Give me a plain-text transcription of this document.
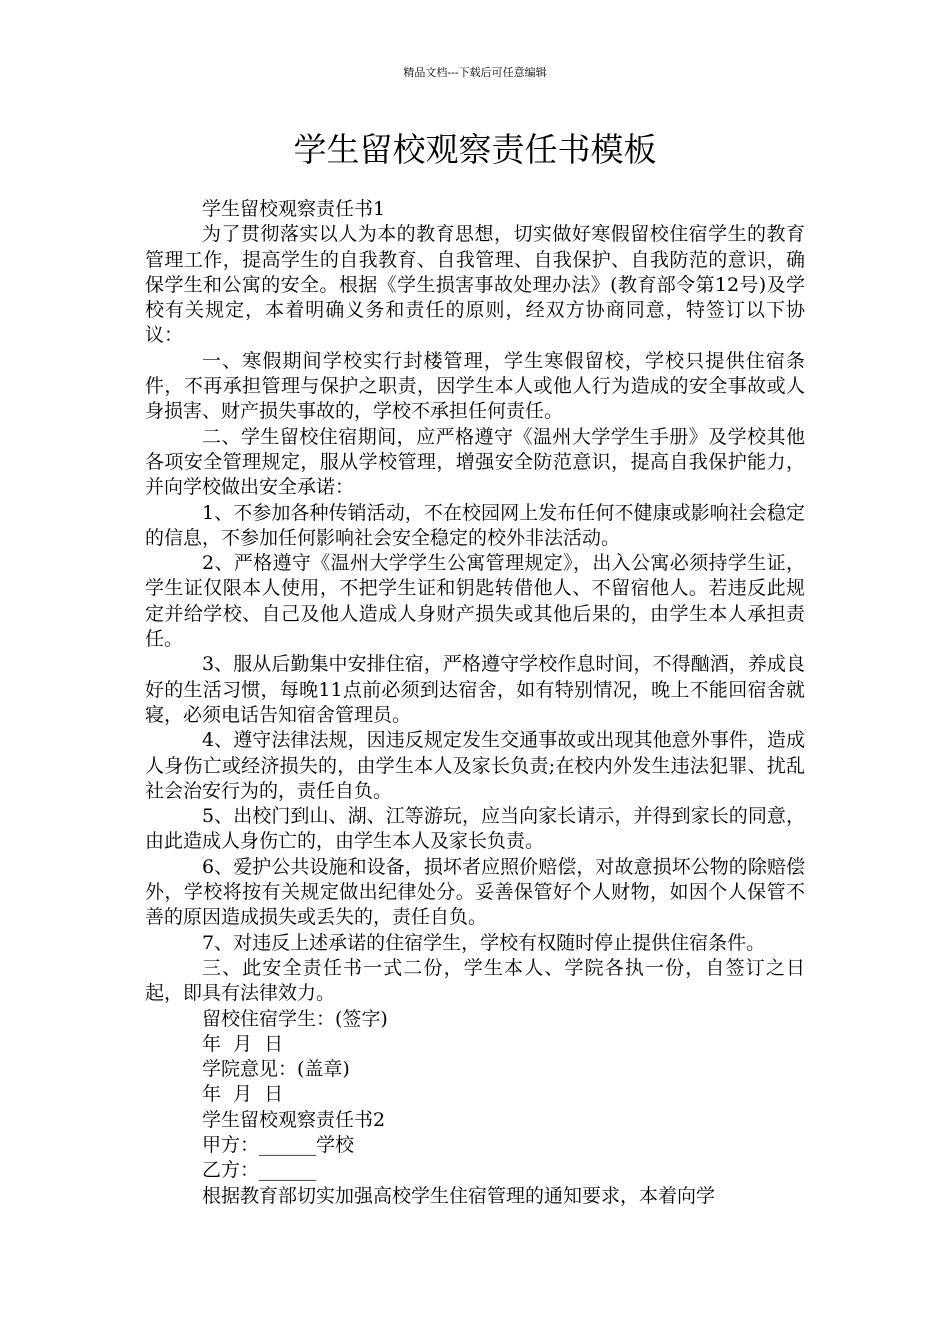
精品文档---下载后可任意编辑
学生留校观察责任书模板

学生留校观察责任书1

为了贯彻落实以人为本的教育思想，切实做好寒假留校住宿学生的教育管理工作，提高学生的自我教育、自我管理、自我保护、自我防范的意识，确保学生和公寓的安全。根据《学生损害事故处理办法》(教育部令第12号)及学校有关规定，本着明确义务和责任的原则，经双方协商同意，特签订以下协议：

一、寒假期间学校实行封楼管理，学生寒假留校，学校只提供住宿条件，不再承担管理与保护之职责，因学生本人或他人行为造成的安全事故或人身损害、财产损失事故的，学校不承担任何责任。

二、学生留校住宿期间，应严格遵守《温州大学学生手册》及学校其他各项安全管理规定，服从学校管理，增强安全防范意识，提高自我保护能力，并向学校做出安全承诺：

1、不参加各种传销活动，不在校园网上发布任何不健康或影响社会稳定的信息，不参加任何影响社会安全稳定的校外非法活动。

2、严格遵守《温州大学学生公寓管理规定》，出入公寓必须持学生证，学生证仅限本人使用，不把学生证和钥匙转借他人、不留宿他人。若违反此规定并给学校、自己及他人造成人身财产损失或其他后果的，由学生本人承担责任。

3、服从后勤集中安排住宿，严格遵守学校作息时间，不得酗酒，养成良好的生活习惯，每晚11点前必须到达宿舍，如有特别情况，晚上不能回宿舍就寝，必须电话告知宿舍管理员。

4、遵守法律法规，因违反规定发生交通事故或出现其他意外事件，造成人身伤亡或经济损失的，由学生本人及家长负责;在校内外发生违法犯罪、扰乱社会治安行为的，责任自负。

5、出校门到山、湖、江等游玩，应当向家长请示，并得到家长的同意，由此造成人身伤亡的，由学生本人及家长负责。

6、爱护公共设施和设备，损坏者应照价赔偿，对故意损坏公物的除赔偿外，学校将按有关规定做出纪律处分。妥善保管好个人财物，如因个人保管不善的原因造成损失或丢失的，责任自负。

7、对违反上述承诺的住宿学生，学校有权随时停止提供住宿条件。

三、此安全责任书一式二份，学生本人、学院各执一份，自签订之日起，即具有法律效力。

留校住宿学生：(签字)

年  月  日

学院意见：(盖章)

年  月  日

学生留校观察责任书2

甲方：______学校

乙方：______

根据教育部切实加强高校学生住宿管理的通知要求，本着向学
